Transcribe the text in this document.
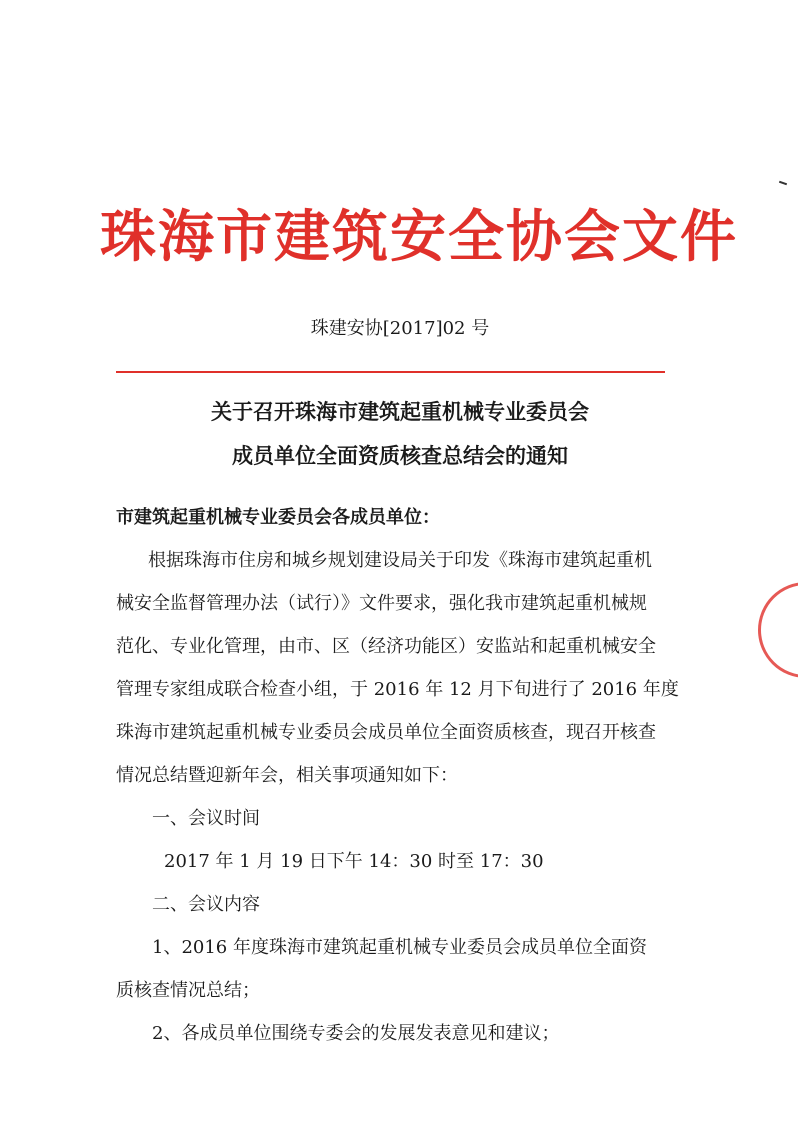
珠海市建筑安全协会文件
珠建安协[2017]02 号
关于召开珠海市建筑起重机械专业委员会
成员单位全面资质核查总结会的通知
市建筑起重机械专业委员会各成员单位：
根据珠海市住房和城乡规划建设局关于印发《珠海市建筑起重机
械安全监督管理办法（试行）》文件要求，强化我市建筑起重机械规
范化、专业化管理，由市、区（经济功能区）安监站和起重机械安全
管理专家组成联合检查小组，于 2016 年 12 月下旬进行了 2016 年度
珠海市建筑起重机械专业委员会成员单位全面资质核查，现召开核查
情况总结暨迎新年会，相关事项通知如下：
一、会议时间
2017 年 1 月 19 日下午 14：30 时至 17：30
二、会议内容
1、2016 年度珠海市建筑起重机械专业委员会成员单位全面资
质核查情况总结；
2、各成员单位围绕专委会的发展发表意见和建议；
